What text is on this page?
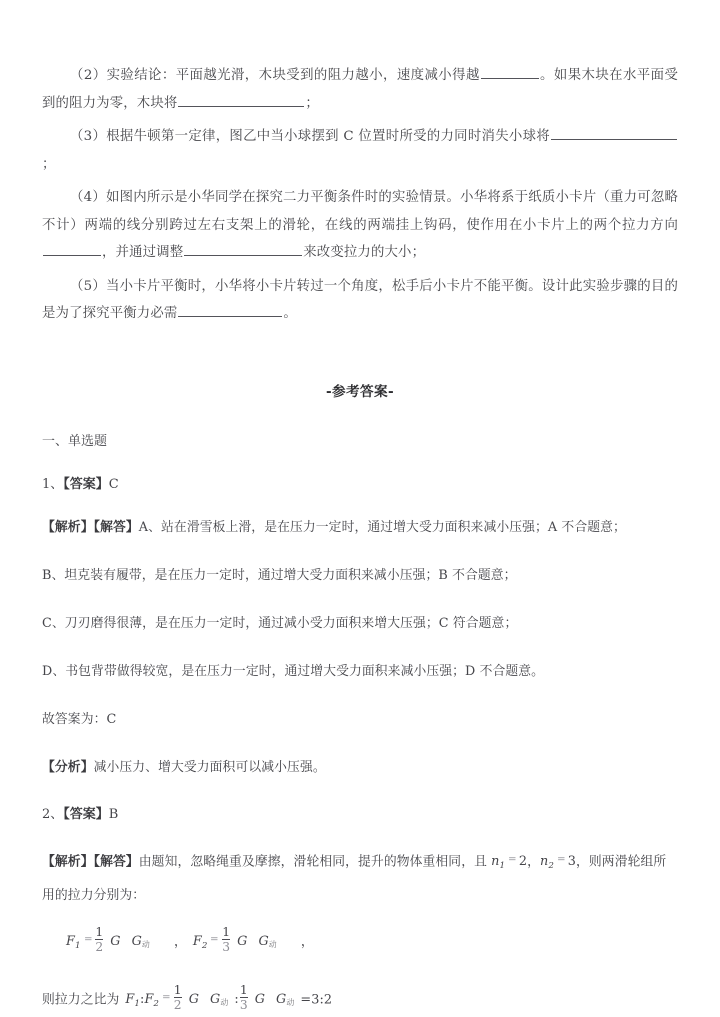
（2）实验结论：平面越光滑，木块受到的阻力越小，速度减小得越	。如果木块在水平面受到的阻力为零，木块将	；

（3）根据牛顿第一定律，图乙中当小球摆到 C 位置时所受的力同时消失小球将；

（4）如图内所示是小华同学在探究二力平衡条件时的实验情景。小华将系于纸质小卡片（重力可忽略不计）两端的线分别跨过左右支架上的滑轮，在线的两端挂上钩码，使作用在小卡片上的两个拉力方向，并通过调整	来改变拉力的大小；

（5）当小卡片平衡时，小华将小卡片转过一个角度，松手后小卡片不能平衡。设计此实验步骤的目的是为了探究平衡力必需	。

-参考答案-
一、单选题
1、【答案】C

【解析】【解答】A、站在滑雪板上滑，是在压力一定时，通过增大受力面积来减小压强；A 不合题意；

B、坦克装有履带，是在压力一定时，通过增大受力面积来减小压强；B 不合题意；

C、刀刃磨得很薄，是在压力一定时，通过减小受力面积来增大压强；C 符合题意；

D、书包背带做得较宽，是在压力一定时，通过增大受力面积来减小压强；D 不合题意。

故答案为：C

【分析】减小压力、增大受力面积可以减小压强。

2、【答案】B

【解析】【解答】由题知，忽略绳重及摩擦，滑轮相同，提升的物体重相同，且 $n_1= 2$，$n_2= 3$，则两滑轮组所用的拉力分别为：

$F_1= \frac{1}{2}$ G G动 ， $F_2= \frac{1}{3}$ G G动 ，

则拉力之比为 $F_1:F_2= \frac{1}{2}$ G G动 : $\frac{1}{3}$ G G动 =3:2
